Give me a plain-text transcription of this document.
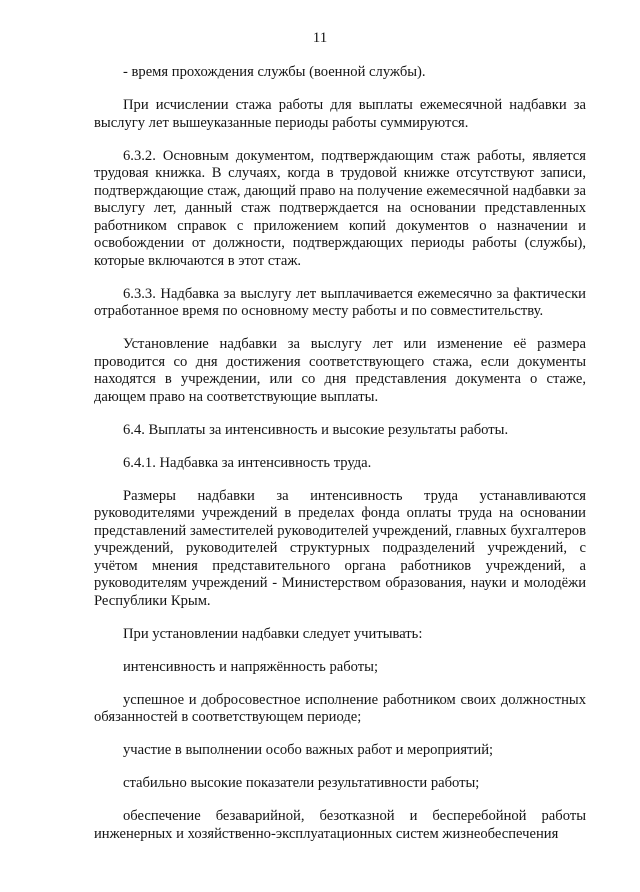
11

- время прохождения службы (военной службы).

При исчислении стажа работы для выплаты ежемесячной надбавки за выслугу лет вышеуказанные периоды работы суммируются.

6.3.2. Основным документом, подтверждающим стаж работы, является трудовая книжка. В случаях, когда в трудовой книжке отсутствуют записи, подтверждающие стаж, дающий право на получение ежемесячной надбавки за выслугу лет, данный стаж подтверждается на основании представленных работником справок с приложением копий документов о назначении и освобождении от должности, подтверждающих периоды работы (службы), которые включаются в этот стаж.

6.3.3. Надбавка за выслугу лет выплачивается ежемесячно за фактически отработанное время по основному месту работы и по совместительству.

Установление надбавки за выслугу лет или изменение её размера проводится со дня достижения соответствующего стажа, если документы находятся в учреждении, или со дня представления документа о стаже, дающем право на соответствующие выплаты.

6.4. Выплаты за интенсивность и высокие результаты работы.

6.4.1. Надбавка за интенсивность труда.

Размеры надбавки за интенсивность труда устанавливаются руководителями учреждений в пределах фонда оплаты труда на основании представлений заместителей руководителей учреждений, главных бухгалтеров учреждений, руководителей структурных подразделений учреждений, с учётом мнения представительного органа работников учреждений, а руководителям учреждений - Министерством образования, науки и молодёжи Республики Крым.

При установлении надбавки следует учитывать:

интенсивность и напряжённость работы;

успешное и добросовестное исполнение работником своих должностных обязанностей в соответствующем периоде;

участие в выполнении особо важных работ и мероприятий;

стабильно высокие показатели результативности работы;

обеспечение безаварийной, безотказной и бесперебойной работы инженерных и хозяйственно-эксплуатационных систем жизнеобеспечения
